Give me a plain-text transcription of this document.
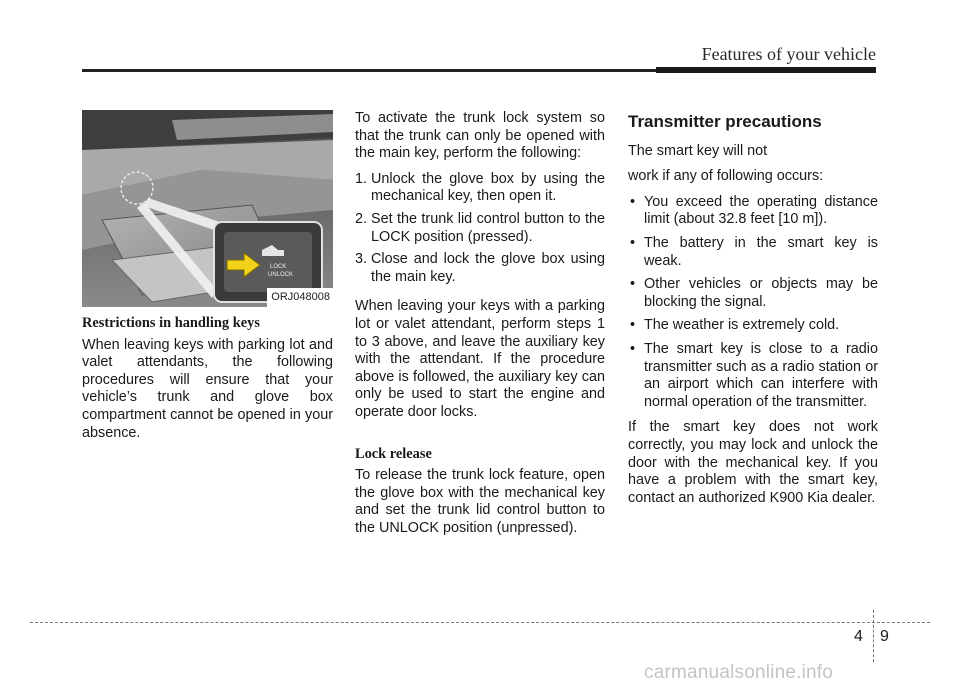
Features of your vehicle
LOCK
UNLOCK
ORJ048008
Restrictions in handling keys

When leaving keys with parking lot and valet attendants, the following procedures will ensure that your vehicle’s trunk and glove box compartment cannot be opened in your absence.

To activate the trunk lock system so that the trunk can only be opened with the main key, perform the following:

1. Unlock the glove box by using the mechanical key, then open it.
2. Set the trunk lid control button to the LOCK position (pressed).
3. Close and lock the glove box using the main key.

When leaving your keys with a parking lot or valet attendant, perform steps 1 to 3 above, and leave the auxiliary key with the attendant. If the procedure above is followed, the auxiliary key can only be used to start the engine and operate door locks.

Lock release

To release the trunk lock feature, open the glove box with the mechanical key and set the trunk lid control button to the UNLOCK position (unpressed).

Transmitter precautions

The smart key will not

work if any of following occurs:

• You exceed the operating distance limit (about 32.8 feet [10 m]).
• The battery in the smart key is weak.
• Other vehicles or objects may be blocking the signal.
• The weather is extremely cold.
• The smart key is close to a radio transmitter such as a radio station or an airport which can interfere with normal operation of the transmitter.

If the smart key does not work correctly, you may lock and unlock the door with the mechanical key. If you have a problem with the smart key, contact an authorized K900 Kia dealer.

4 9
carmanualsonline.info
